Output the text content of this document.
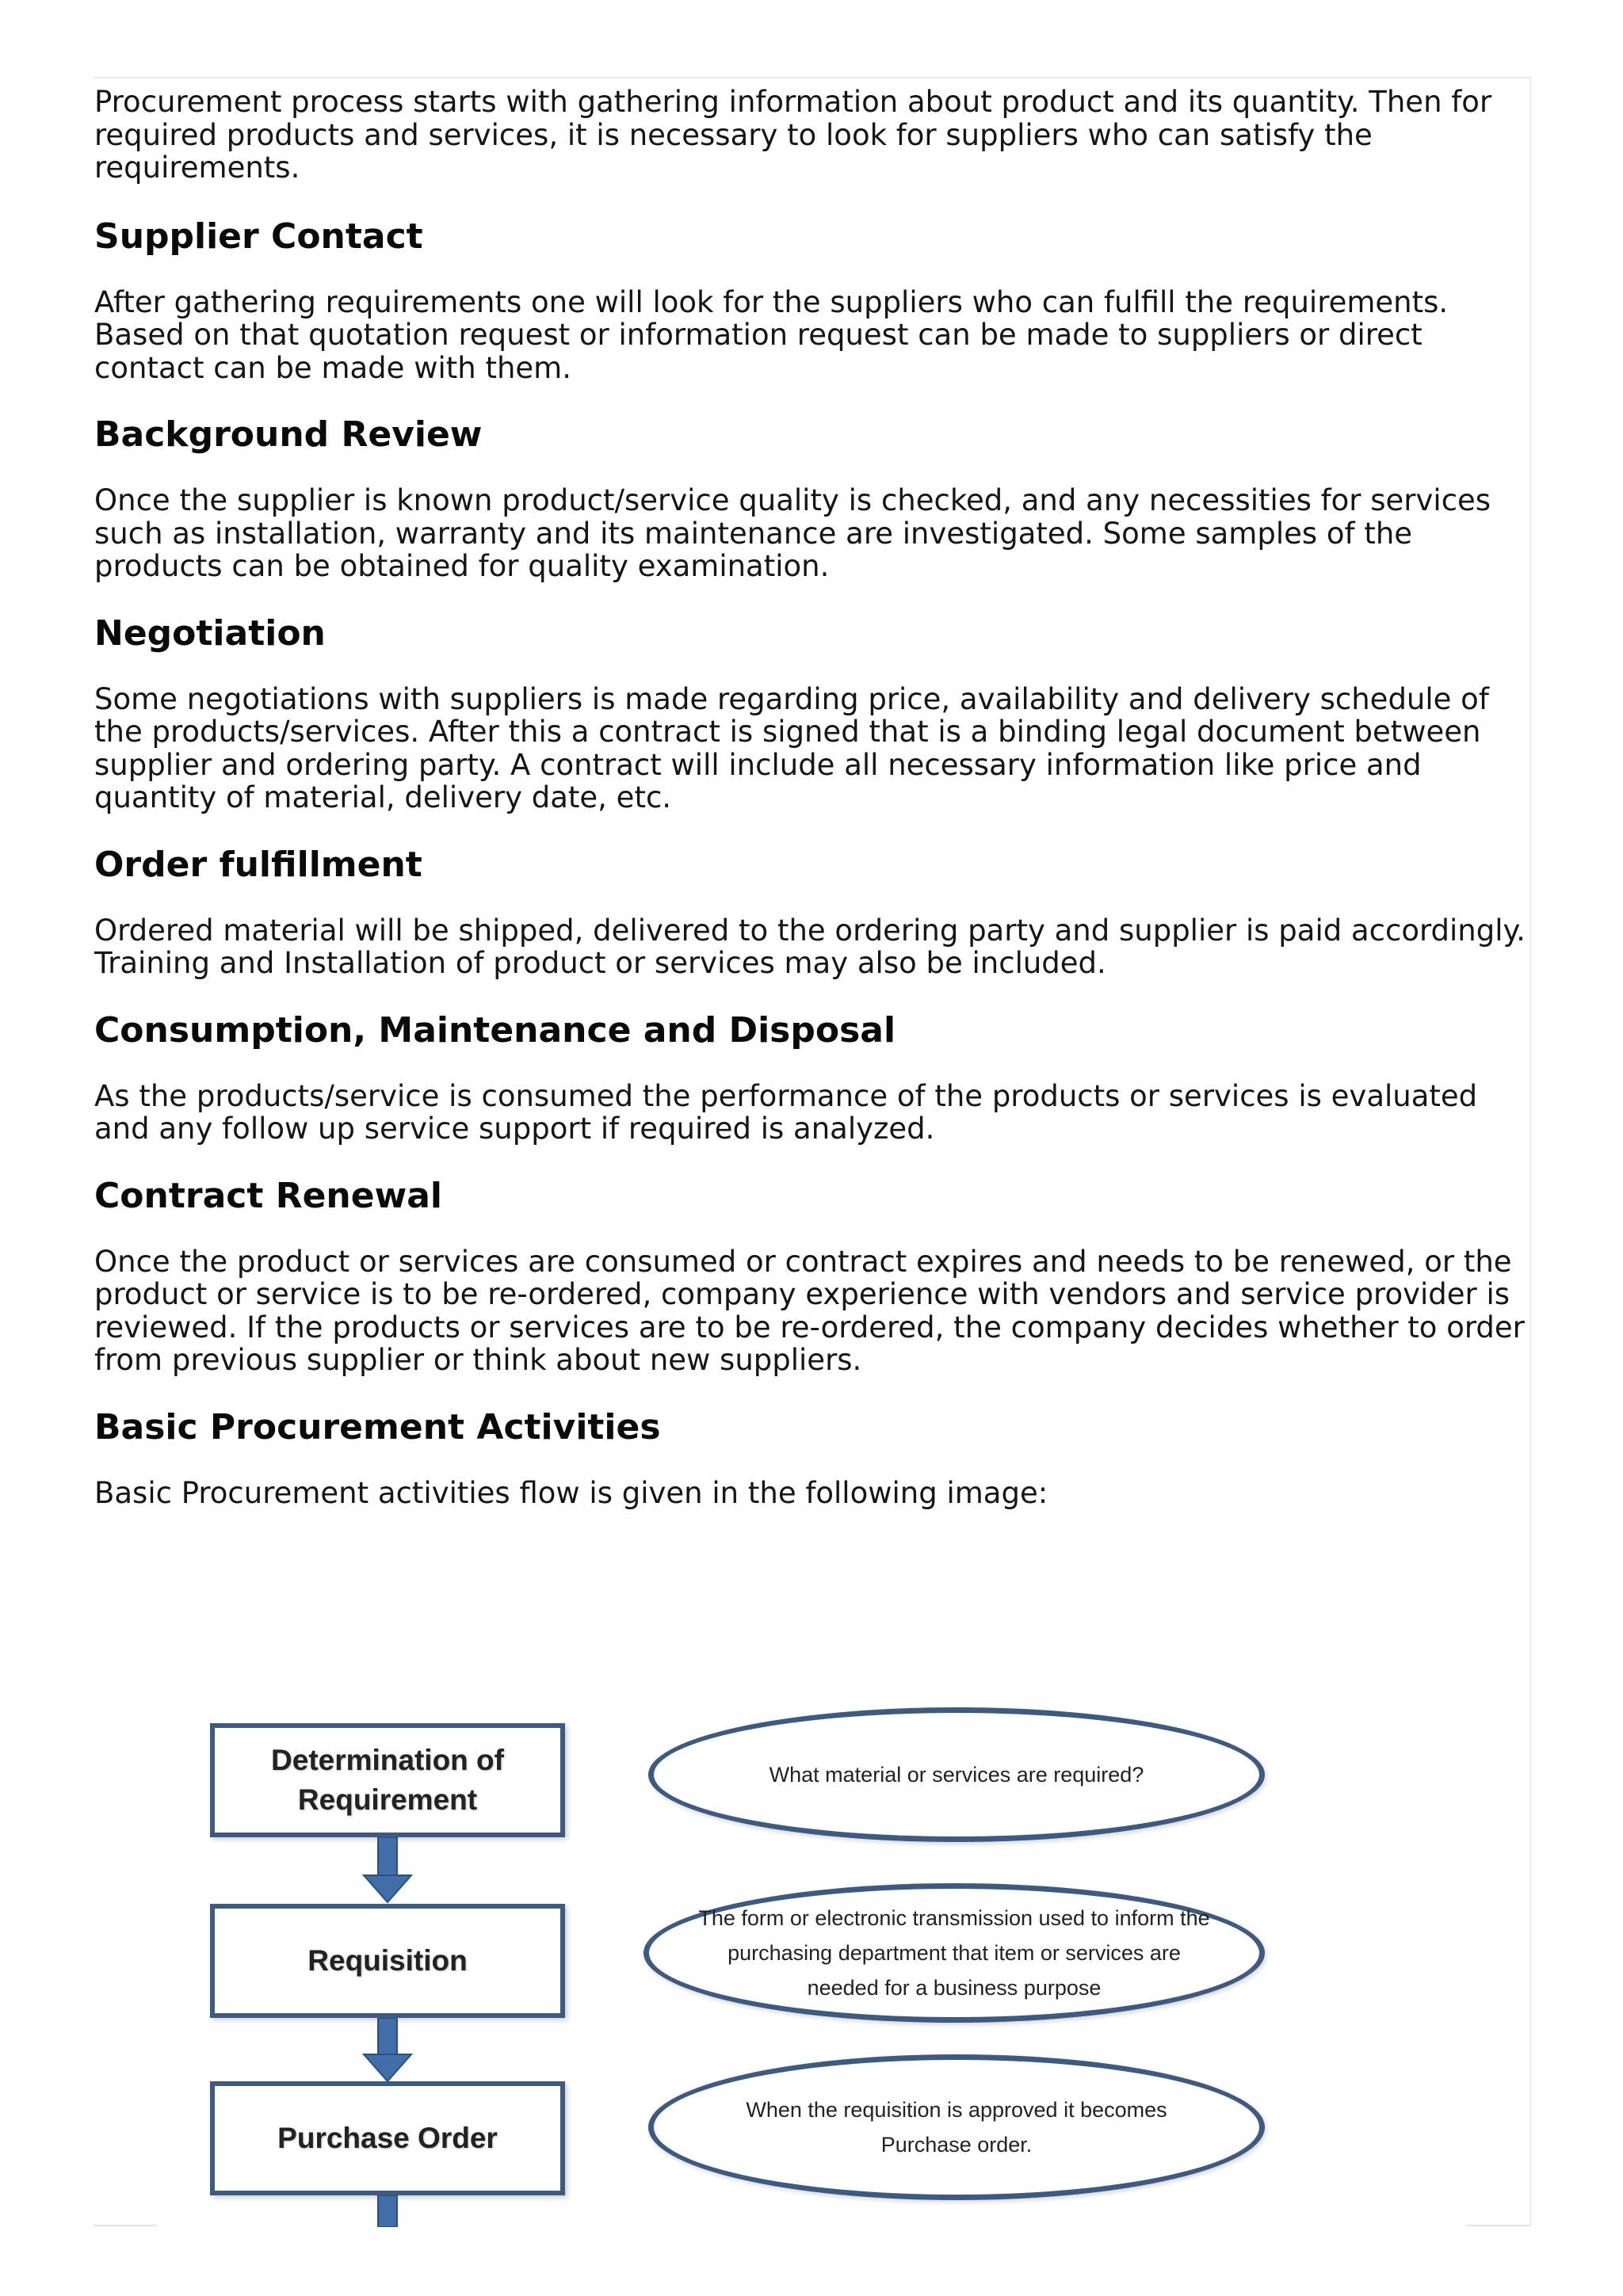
Procurement process starts with gathering information about product and its quantity. Then for required products and services, it is necessary to look for suppliers who can satisfy the requirements.

Supplier Contact

After gathering requirements one will look for the suppliers who can fulfill the requirements. Based on that quotation request or information request can be made to suppliers or direct contact can be made with them.

Background Review

Once the supplier is known product/service quality is checked, and any necessities for services such as installation, warranty and its maintenance are investigated. Some samples of the products can be obtained for quality examination.

Negotiation

Some negotiations with suppliers is made regarding price, availability and delivery schedule of the products/services. After this a contract is signed that is a binding legal document between supplier and ordering party. A contract will include all necessary information like price and quantity of material, delivery date, etc.

Order fulfillment

Ordered material will be shipped, delivered to the ordering party and supplier is paid accordingly. Training and Installation of product or services may also be included.

Consumption, Maintenance and Disposal

As the products/service is consumed the performance of the products or services is evaluated and any follow up service support if required is analyzed.

Contract Renewal

Once the product or services are consumed or contract expires and needs to be renewed, or the product or service is to be re-ordered, company experience with vendors and service provider is reviewed. If the products or services are to be re-ordered, the company decides whether to order from previous supplier or think about new suppliers.

Basic Procurement Activities

Basic Procurement activities flow is given in the following image:

Determination of Requirement
Requisition
Purchase Order
What material or services are required?
The form or electronic transmission used to inform the purchasing department that item or services are needed for a business purpose
When the requisition is approved it becomes Purchase order.
